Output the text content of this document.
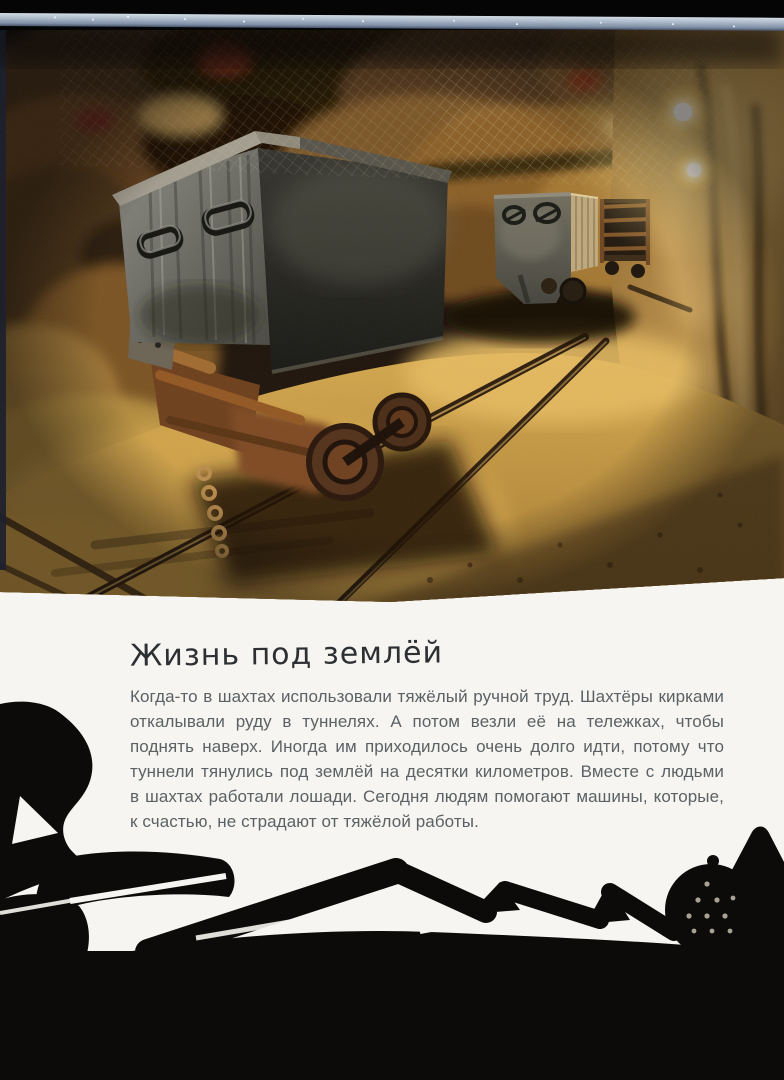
Жизнь под землёй
Когда-то в шахтах использовали тяжёлый ручной труд. Шахтёры кирками
откалывали руду в туннелях. А потом везли её на тележках, чтобы
поднять наверх. Иногда им приходилось очень долго идти, потому что
туннели тянулись под землёй на десятки километров. Вместе с людьми
в шахтах работали лошади. Сегодня людям помогают машины, которые,
к счастью, не страдают от тяжёлой работы.
